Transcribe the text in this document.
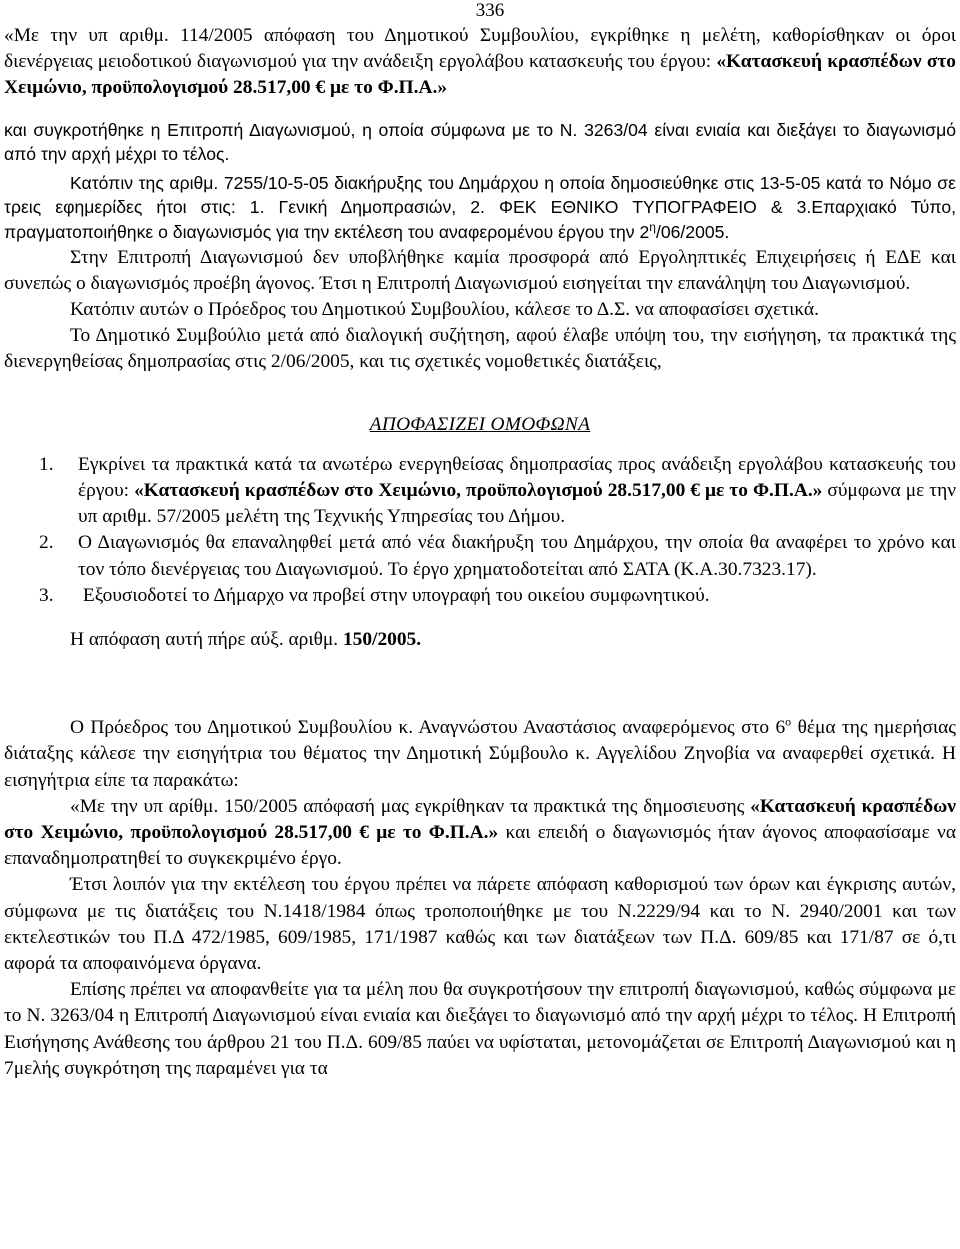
336

«Με την υπ αριθμ. 114/2005 απόφαση του Δημοτικού Συμβουλίου, εγκρίθηκε η μελέτη, καθορίσθηκαν οι όροι διενέργειας μειοδοτικού διαγωνισμού για την ανάδειξη εργολάβου κατασκευής του έργου: «Κατασκευή κρασπέδων στο Χειμώνιο, προϋπολογισμού 28.517,00 € με το Φ.Π.Α.»

και συγκροτήθηκε η Επιτροπή Διαγωνισμού, η οποία σύμφωνα με το Ν. 3263/04 είναι ενιαία και διεξάγει το διαγωνισμό από την αρχή μέχρι το τέλος.

Κατόπιν της αριθμ. 7255/10-5-05 διακήρυξης του Δημάρχου η οποία δημοσιεύθηκε στις 13-5-05 κατά το Νόμο σε τρεις εφημερίδες ήτοι στις: 1. Γενική Δημοπρασιών, 2. ΦΕΚ ΕΘΝΙΚΟ ΤΥΠΟΓΡΑΦΕΙΟ & 3.Επαρχιακό Τύπο, πραγματοποιήθηκε ο διαγωνισμός για την εκτέλεση του αναφερομένου έργου την $2^\eta/06/2005$.

Στην Επιτροπή Διαγωνισμού δεν υποβλήθηκε καμία προσφορά από Εργοληπτικές Επιχειρήσεις ή ΕΔΕ και συνεπώς ο διαγωνισμός προέβη άγονος. Έτσι η Επιτροπή Διαγωνισμού εισηγείται την επανάληψη του Διαγωνισμού.

Κατόπιν αυτών ο Πρόεδρος του Δημοτικού Συμβουλίου, κάλεσε το Δ.Σ. να αποφασίσει σχετικά.

Το Δημοτικό Συμβούλιο μετά από διαλογική συζήτηση, αφού έλαβε υπόψη του, την εισήγηση, τα πρακτικά της διενεργηθείσας δημοπρασίας στις 2/06/2005, και τις σχετικές νομοθετικές διατάξεις,

ΑΠΟΦΑΣΙΖΕΙ ΟΜΟΦΩΝΑ

1. Εγκρίνει τα πρακτικά κατά τα ανωτέρω ενεργηθείσας δημοπρασίας προς ανάδειξη εργολάβου κατασκευής του έργου: «Κατασκευή κρασπέδων στο Χειμώνιο, προϋπολογισμού 28.517,00 € με το Φ.Π.Α.» σύμφωνα με την υπ αριθμ. 57/2005 μελέτη της Τεχνικής Υπηρεσίας του Δήμου.

2. Ο Διαγωνισμός θα επαναληφθεί μετά από νέα διακήρυξη του Δημάρχου, την οποία θα αναφέρει το χρόνο και τον τόπο διενέργειας του Διαγωνισμού. Το έργο χρηματοδοτείται από ΣΑΤΑ (Κ.Α.30.7323.17).

3. Εξουσιοδοτεί το Δήμαρχο να προβεί στην υπογραφή του οικείου συμφωνητικού.

Η απόφαση αυτή πήρε αύξ. αριθμ. 150/2005.

Ο Πρόεδρος του Δημοτικού Συμβουλίου κ. Αναγνώστου Αναστάσιος αναφερόμενος στο $6^o$ θέμα της ημερήσιας διάταξης κάλεσε την εισηγήτρια του θέματος την Δημοτική Σύμβουλο κ. Αγγελίδου Ζηνοβία να αναφερθεί σχετικά. Η εισηγήτρια είπε τα παρακάτω:

«Με την υπ αρίθμ. 150/2005 απόφασή μας εγκρίθηκαν τα πρακτικά της δημοσιευσης «Κατασκευή κρασπέδων στο Χειμώνιο, προϋπολογισμού 28.517,00 € με το Φ.Π.Α.» και επειδή ο διαγωνισμός ήταν άγονος αποφασίσαμε να επαναδημοπρατηθεί το συγκεκριμένο έργο.

Έτσι λοιπόν για την εκτέλεση του έργου πρέπει να πάρετε απόφαση καθορισμού των όρων και έγκρισης αυτών, σύμφωνα με τις διατάξεις του Ν.1418/1984 όπως τροποποιήθηκε με του Ν.2229/94 και το Ν. 2940/2001 και των εκτελεστικών του Π.Δ 472/1985, 609/1985, 171/1987 καθώς και των διατάξεων των Π.Δ. 609/85 και 171/87 σε ό,τι αφορά τα αποφαινόμενα όργανα.

Επίσης πρέπει να αποφανθείτε για τα μέλη που θα συγκροτήσουν την επιτροπή διαγωνισμού, καθώς σύμφωνα με το Ν. 3263/04 η Επιτροπή Διαγωνισμού είναι ενιαία και διεξάγει το διαγωνισμό από την αρχή μέχρι το τέλος. Η Επιτροπή Εισήγησης Ανάθεσης του άρθρου 21 του Π.Δ. 609/85 παύει να υφίσταται, μετονομάζεται σε Επιτροπή Διαγωνισμού και η 7μελής συγκρότηση της παραμένει για τα
